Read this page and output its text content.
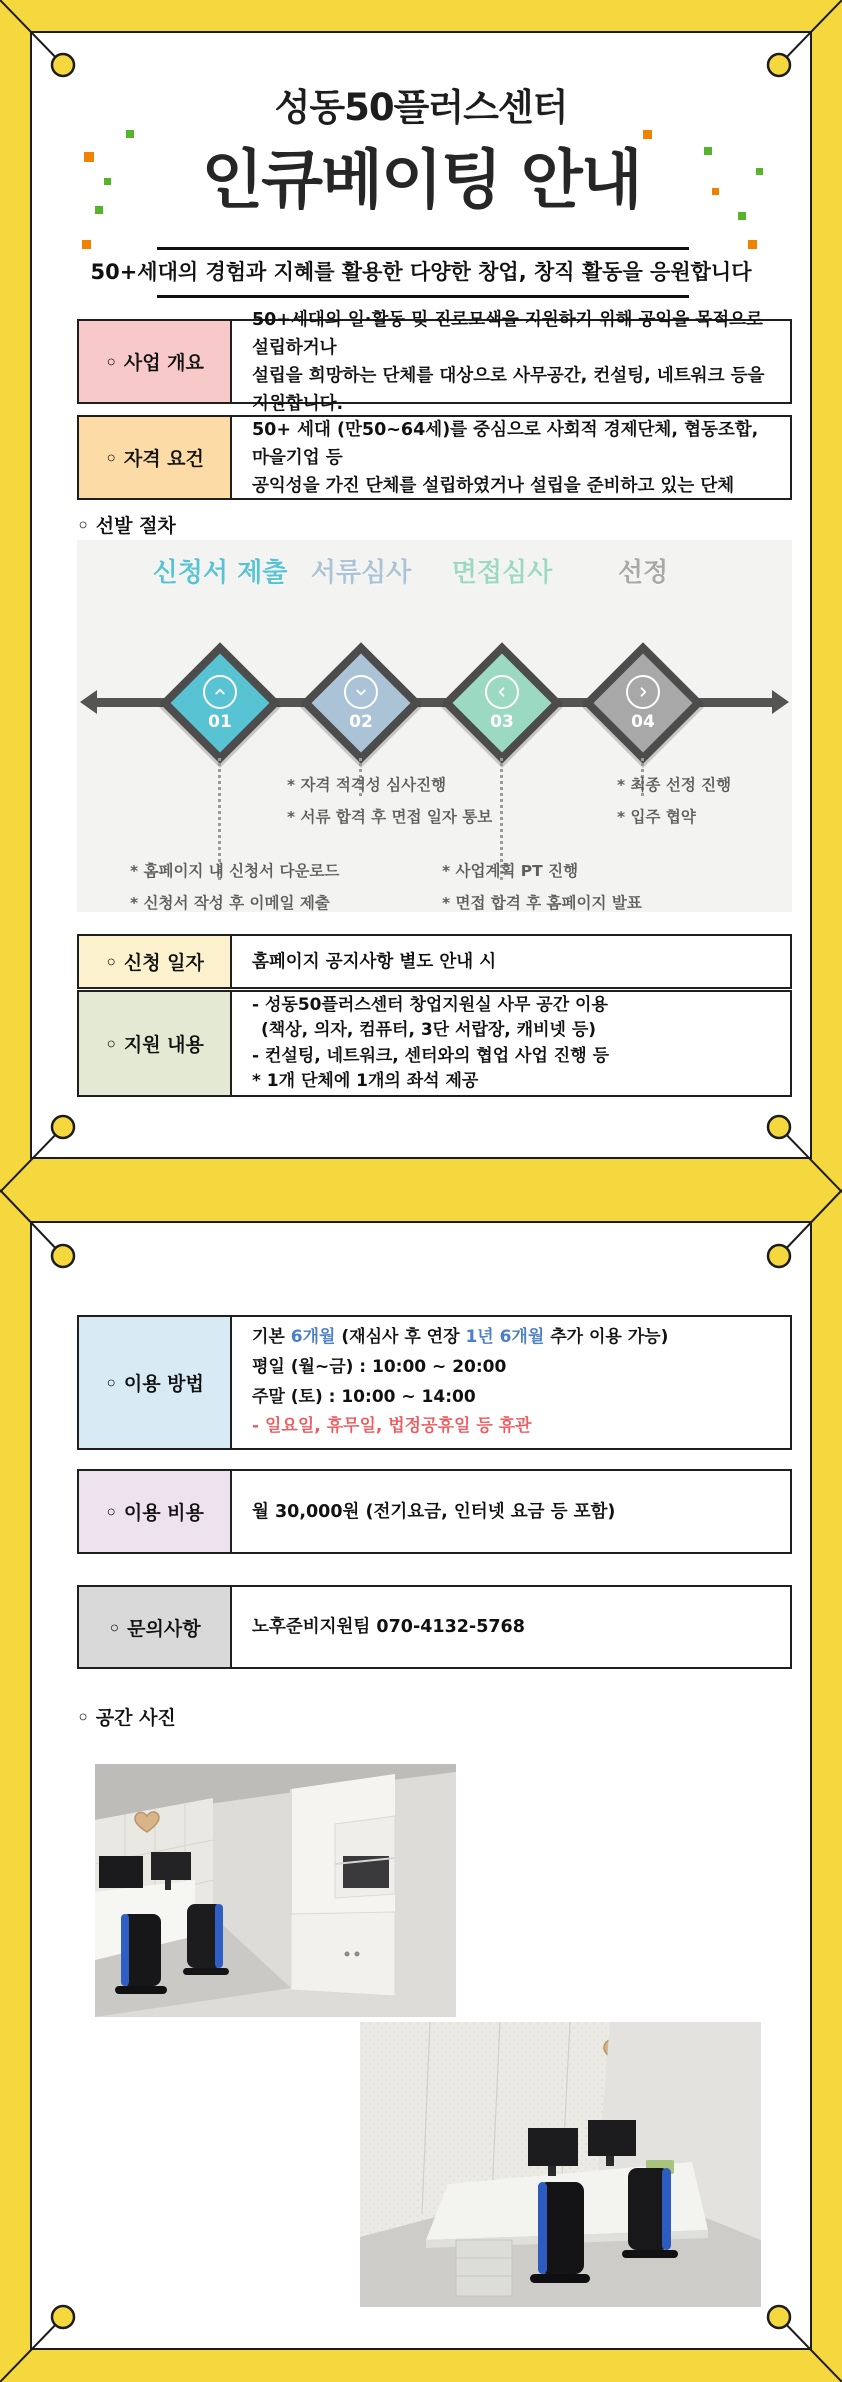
성동50플러스센터
인큐베이팅 안내
50+세대의 경험과 지혜를 활용한 다양한 창업, 창직 활동을 응원합니다
◦ 사업 개요
50+세대의 일·활동 및 진로모색을 지원하기 위해 공익을 목적으로 설립하거나
설립을 희망하는 단체를 대상으로 사무공간, 컨설팅, 네트워크 등을 지원합니다.
◦ 자격 요건
50+ 세대 (만50~64세)를 중심으로 사회적 경제단체, 협동조합, 마을기업 등
공익성을 가진 단체를 설립하였거나 설립을 준비하고 있는 단체
◦ 선발 절차
신청서 제출 서류심사	면접심사	선정
01	02	03	04
* 자격 적격성 심사진행
* 서류 합격 후 면접 일자 통보
* 최종 선정 진행
* 입주 협약
* 홈페이지 내 신청서 다운로드
* 신청서 작성 후 이메일 제출
* 사업계획 PT 진행
* 면접 합격 후 홈페이지 발표
◦ 신청 일자	홈페이지 공지사항 별도 안내 시
◦ 지원 내용
- 성동50플러스센터 창업지원실 사무 공간 이용
(책상, 의자, 컴퓨터, 3단 서랍장, 캐비넷 등)
- 컨설팅, 네트워크, 센터와의 협업 사업 진행 등
* 1개 단체에 1개의 좌석 제공
◦ 이용 방법
기본 6개월 (재심사 후 연장 1년 6개월 추가 이용 가능)
평일 (월~금) : 10:00 ~ 20:00
주말 (토) : 10:00 ~ 14:00
- 일요일, 휴무일, 법정공휴일 등 휴관
◦ 이용 비용	월 30,000원 (전기요금, 인터넷 요금 등 포함)
◦ 문의사항	노후준비지원팀 070-4132-5768
◦ 공간 사진
